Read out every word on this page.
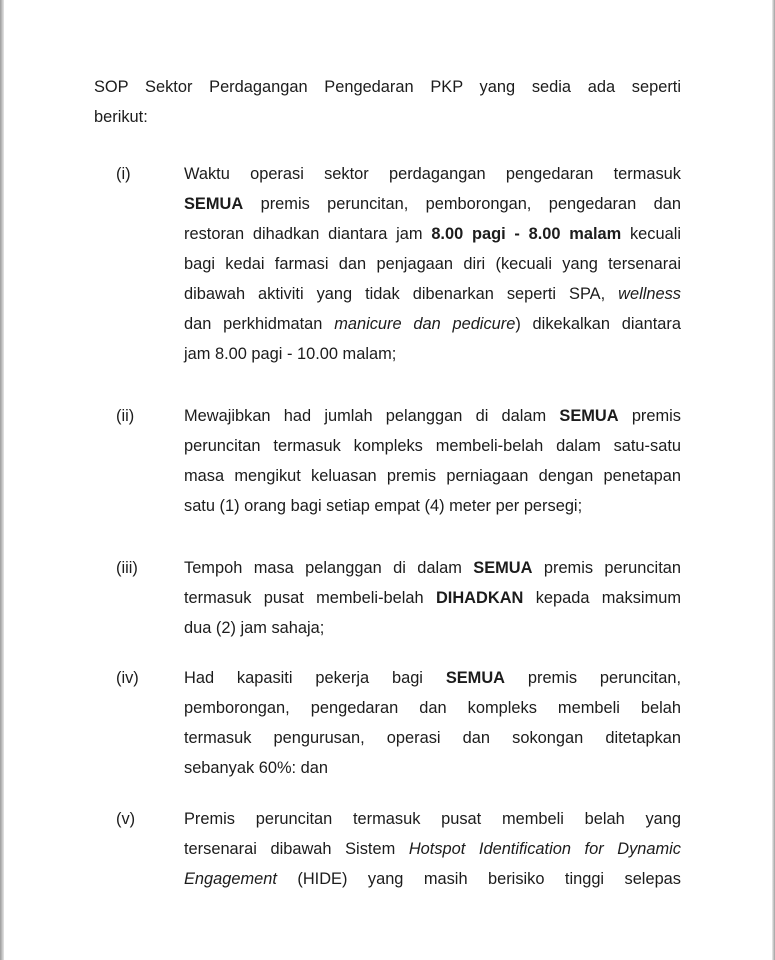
SOP Sektor Perdagangan Pengedaran PKP yang sedia ada seperti
berikut:
(i)	Waktu operasi sektor perdagangan pengedaran termasuk
SEMUA premis peruncitan, pemborongan, pengedaran dan
restoran dihadkan diantara jam 8.00 pagi - 8.00 malam kecuali
bagi kedai farmasi dan penjagaan diri (kecuali yang tersenarai
dibawah aktiviti yang tidak dibenarkan seperti SPA, wellness
dan perkhidmatan manicure dan pedicure) dikekalkan diantara
jam 8.00 pagi - 10.00 malam;
(ii)	Mewajibkan had jumlah pelanggan di dalam SEMUA premis
peruncitan termasuk kompleks membeli-belah dalam satu-satu
masa mengikut keluasan premis perniagaan dengan penetapan
satu (1) orang bagi setiap empat (4) meter per persegi;
(iii)	Tempoh masa pelanggan di dalam SEMUA premis peruncitan
termasuk pusat membeli-belah DIHADKAN kepada maksimum
dua (2) jam sahaja;
(iv)	Had kapasiti pekerja bagi SEMUA premis peruncitan,
pemborongan, pengedaran dan kompleks membeli belah
termasuk pengurusan, operasi dan sokongan ditetapkan
sebanyak 60%: dan
(v)	Premis peruncitan termasuk pusat membeli belah yang
tersenarai dibawah Sistem Hotspot Identification for Dynamic
Engagement (HIDE) yang masih berisiko tinggi selepas
